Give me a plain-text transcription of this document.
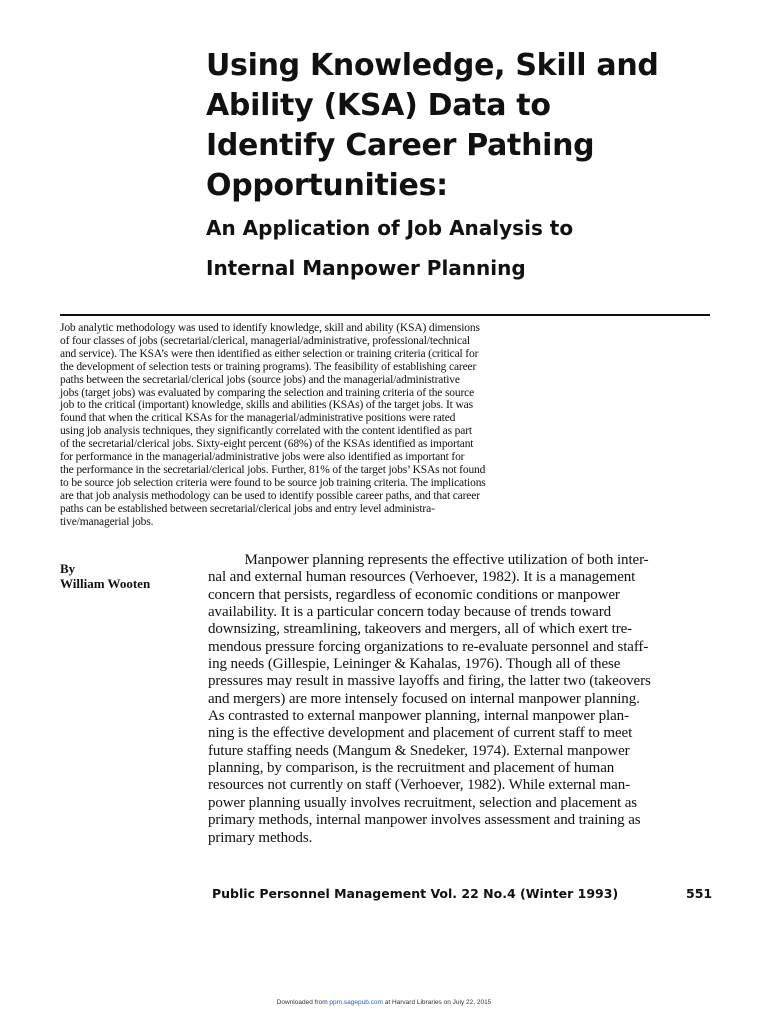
Using Knowledge, Skill and
Ability (KSA) Data to
Identify Career Pathing
Opportunities:
An Application of Job Analysis to
Internal Manpower Planning
Job analytic methodology was used to identify knowledge, skill and ability (KSA) dimensions
of four classes of jobs (secretarial/clerical, managerial/administrative, professional/technical
and service). The KSA’s were then identified as either selection or training criteria (critical for
the development of selection tests or training programs). The feasibility of establishing career
paths between the secretarial/clerical jobs (source jobs) and the managerial/administrative
jobs (target jobs) was evaluated by comparing the selection and training criteria of the source
job to the critical (important) knowledge, skills and abilities (KSAs) of the target jobs. It was
found that when the critical KSAs for the managerial/administrative positions were rated
using job analysis techniques, they significantly correlated with the content identified as part
of the secretarial/clerical jobs. Sixty-eight percent (68%) of the KSAs identified as important
for performance in the managerial/administrative jobs were also identified as important for
the performance in the secretarial/clerical jobs. Further, 81% of the target jobs’ KSAs not found
to be source job selection criteria were found to be source job training criteria. The implications
are that job analysis methodology can be used to identify possible career paths, and that career
paths can be established between secretarial/clerical jobs and entry level administra-
tive/managerial jobs.
By
William Wooten
Manpower planning represents the effective utilization of both inter-
nal and external human resources (Verhoever, 1982). It is a management
concern that persists, regardless of economic conditions or manpower
availability. It is a particular concern today because of trends toward
downsizing, streamlining, takeovers and mergers, all of which exert tre-
mendous pressure forcing organizations to re-evaluate personnel and staff-
ing needs (Gillespie, Leininger & Kahalas, 1976). Though all of these
pressures may result in massive layoffs and firing, the latter two (takeovers
and mergers) are more intensely focused on internal manpower planning.
As contrasted to external manpower planning, internal manpower plan-
ning is the effective development and placement of current staff to meet
future staffing needs (Mangum & Snedeker, 1974). External manpower
planning, by comparison, is the recruitment and placement of human
resources not currently on staff (Verhoever, 1982). While external man-
power planning usually involves recruitment, selection and placement as
primary methods, internal manpower involves assessment and training as
primary methods.
Public Personnel Management Vol. 22 No.4 (Winter 1993)	551
Downloaded from ppm.sagepub.com at Harvard Libraries on July 22, 2015
